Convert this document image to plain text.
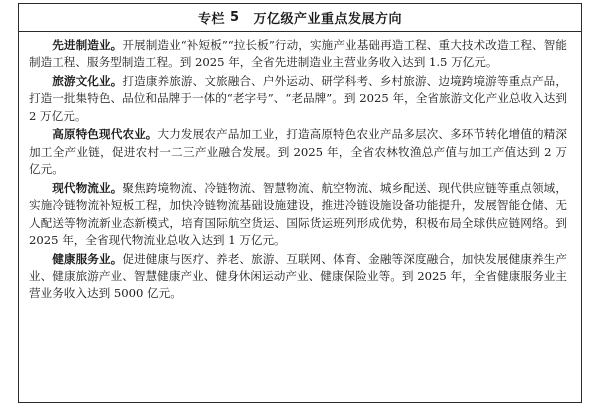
专栏 5 万亿级产业重点发展方向

先进制造业。开展制造业“补短板”“拉长板”行动，实施产业基础再造工程、重大技术改造工程、智能制造工程、服务型制造工程。到 2025 年，全省先进制造业主营业务收入达到 1.5 万亿元。

旅游文化业。打造康养旅游、文旅融合、户外运动、研学科考、乡村旅游、边境跨境游等重点产品，打造一批集特色、品位和品牌于一体的“老字号”、“老品牌”。到 2025 年，全省旅游文化产业总收入达到 2 万亿元。

高原特色现代农业。大力发展农产品加工业，打造高原特色农业产品多层次、多环节转化增值的精深加工全产业链，促进农村一二三产业融合发展。到 2025 年，全省农林牧渔总产值与加工产值达到 2 万亿元。

现代物流业。聚焦跨境物流、冷链物流、智慧物流、航空物流、城乡配送、现代供应链等重点领域，实施冷链物流补短板工程，加快冷链物流基础设施建设，推进冷链设施设备功能提升，发展智能仓储、无人配送等物流新业态新模式，培育国际航空货运、国际货运班列形成优势，积极布局全球供应链网络。到 2025 年，全省现代物流业总收入达到 1 万亿元。

健康服务业。促进健康与医疗、养老、旅游、互联网、体育、金融等深度融合，加快发展健康养生产业、健康旅游产业、智慧健康产业、健身休闲运动产业、健康保险业等。到 2025 年，全省健康服务业主营业务收入达到 5000 亿元。
